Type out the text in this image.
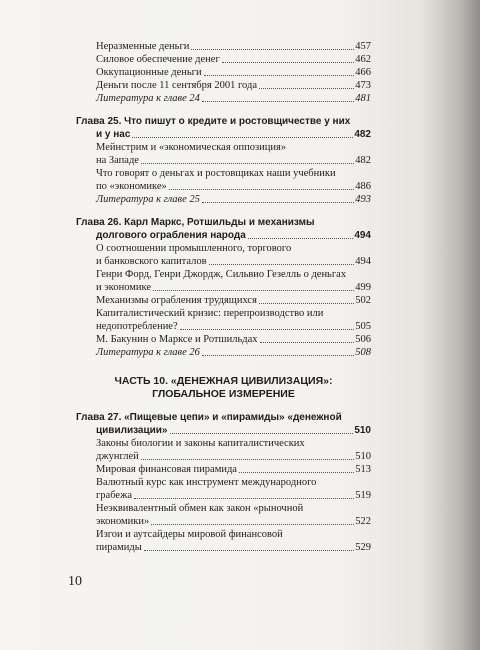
Неразменные деньги	457
Силовое обеспечение денег	462
Оккупационные деньги	466
Деньги после 11 сентября 2001 года	473
Литература к главе 24	481
Глава 25. Что пишут о кредите и ростовщичестве у них
и у нас	482
Мейнстрим и «экономическая оппозиция»
на Западе	482
Что говорят о деньгах и ростовщиках наши учебники
по «экономике»	486
Литература к главе 25	493
Глава 26. Карл Маркс, Ротшильды и механизмы
долгового ограбления народа	494
О соотношении промышленного, торгового
и банковского капиталов	494
Генри Форд, Генри Джордж, Сильвио Гезелль о деньгах
и экономике	499
Механизмы ограбления трудящихся	502
Капиталистический кризис: перепроизводство или
недопотребление?	505
М. Бакунин о Марксе и Ротшильдах	506
Литература к главе 26	508
ЧАСТЬ 10. «ДЕНЕЖНАЯ ЦИВИЛИЗАЦИЯ»:
ГЛОБАЛЬНОЕ ИЗМЕРЕНИЕ
Глава 27. «Пищевые цепи» и «пирамиды» «денежной
цивилизации»	510
Законы биологии и законы капиталистических
джунглей	510
Мировая финансовая пирамида	513
Валютный курс как инструмент международного
грабежа	519
Неэквивалентный обмен как закон «рыночной
экономики»	522
Изгои и аутсайдеры мировой финансовой
пирамиды	529
10
